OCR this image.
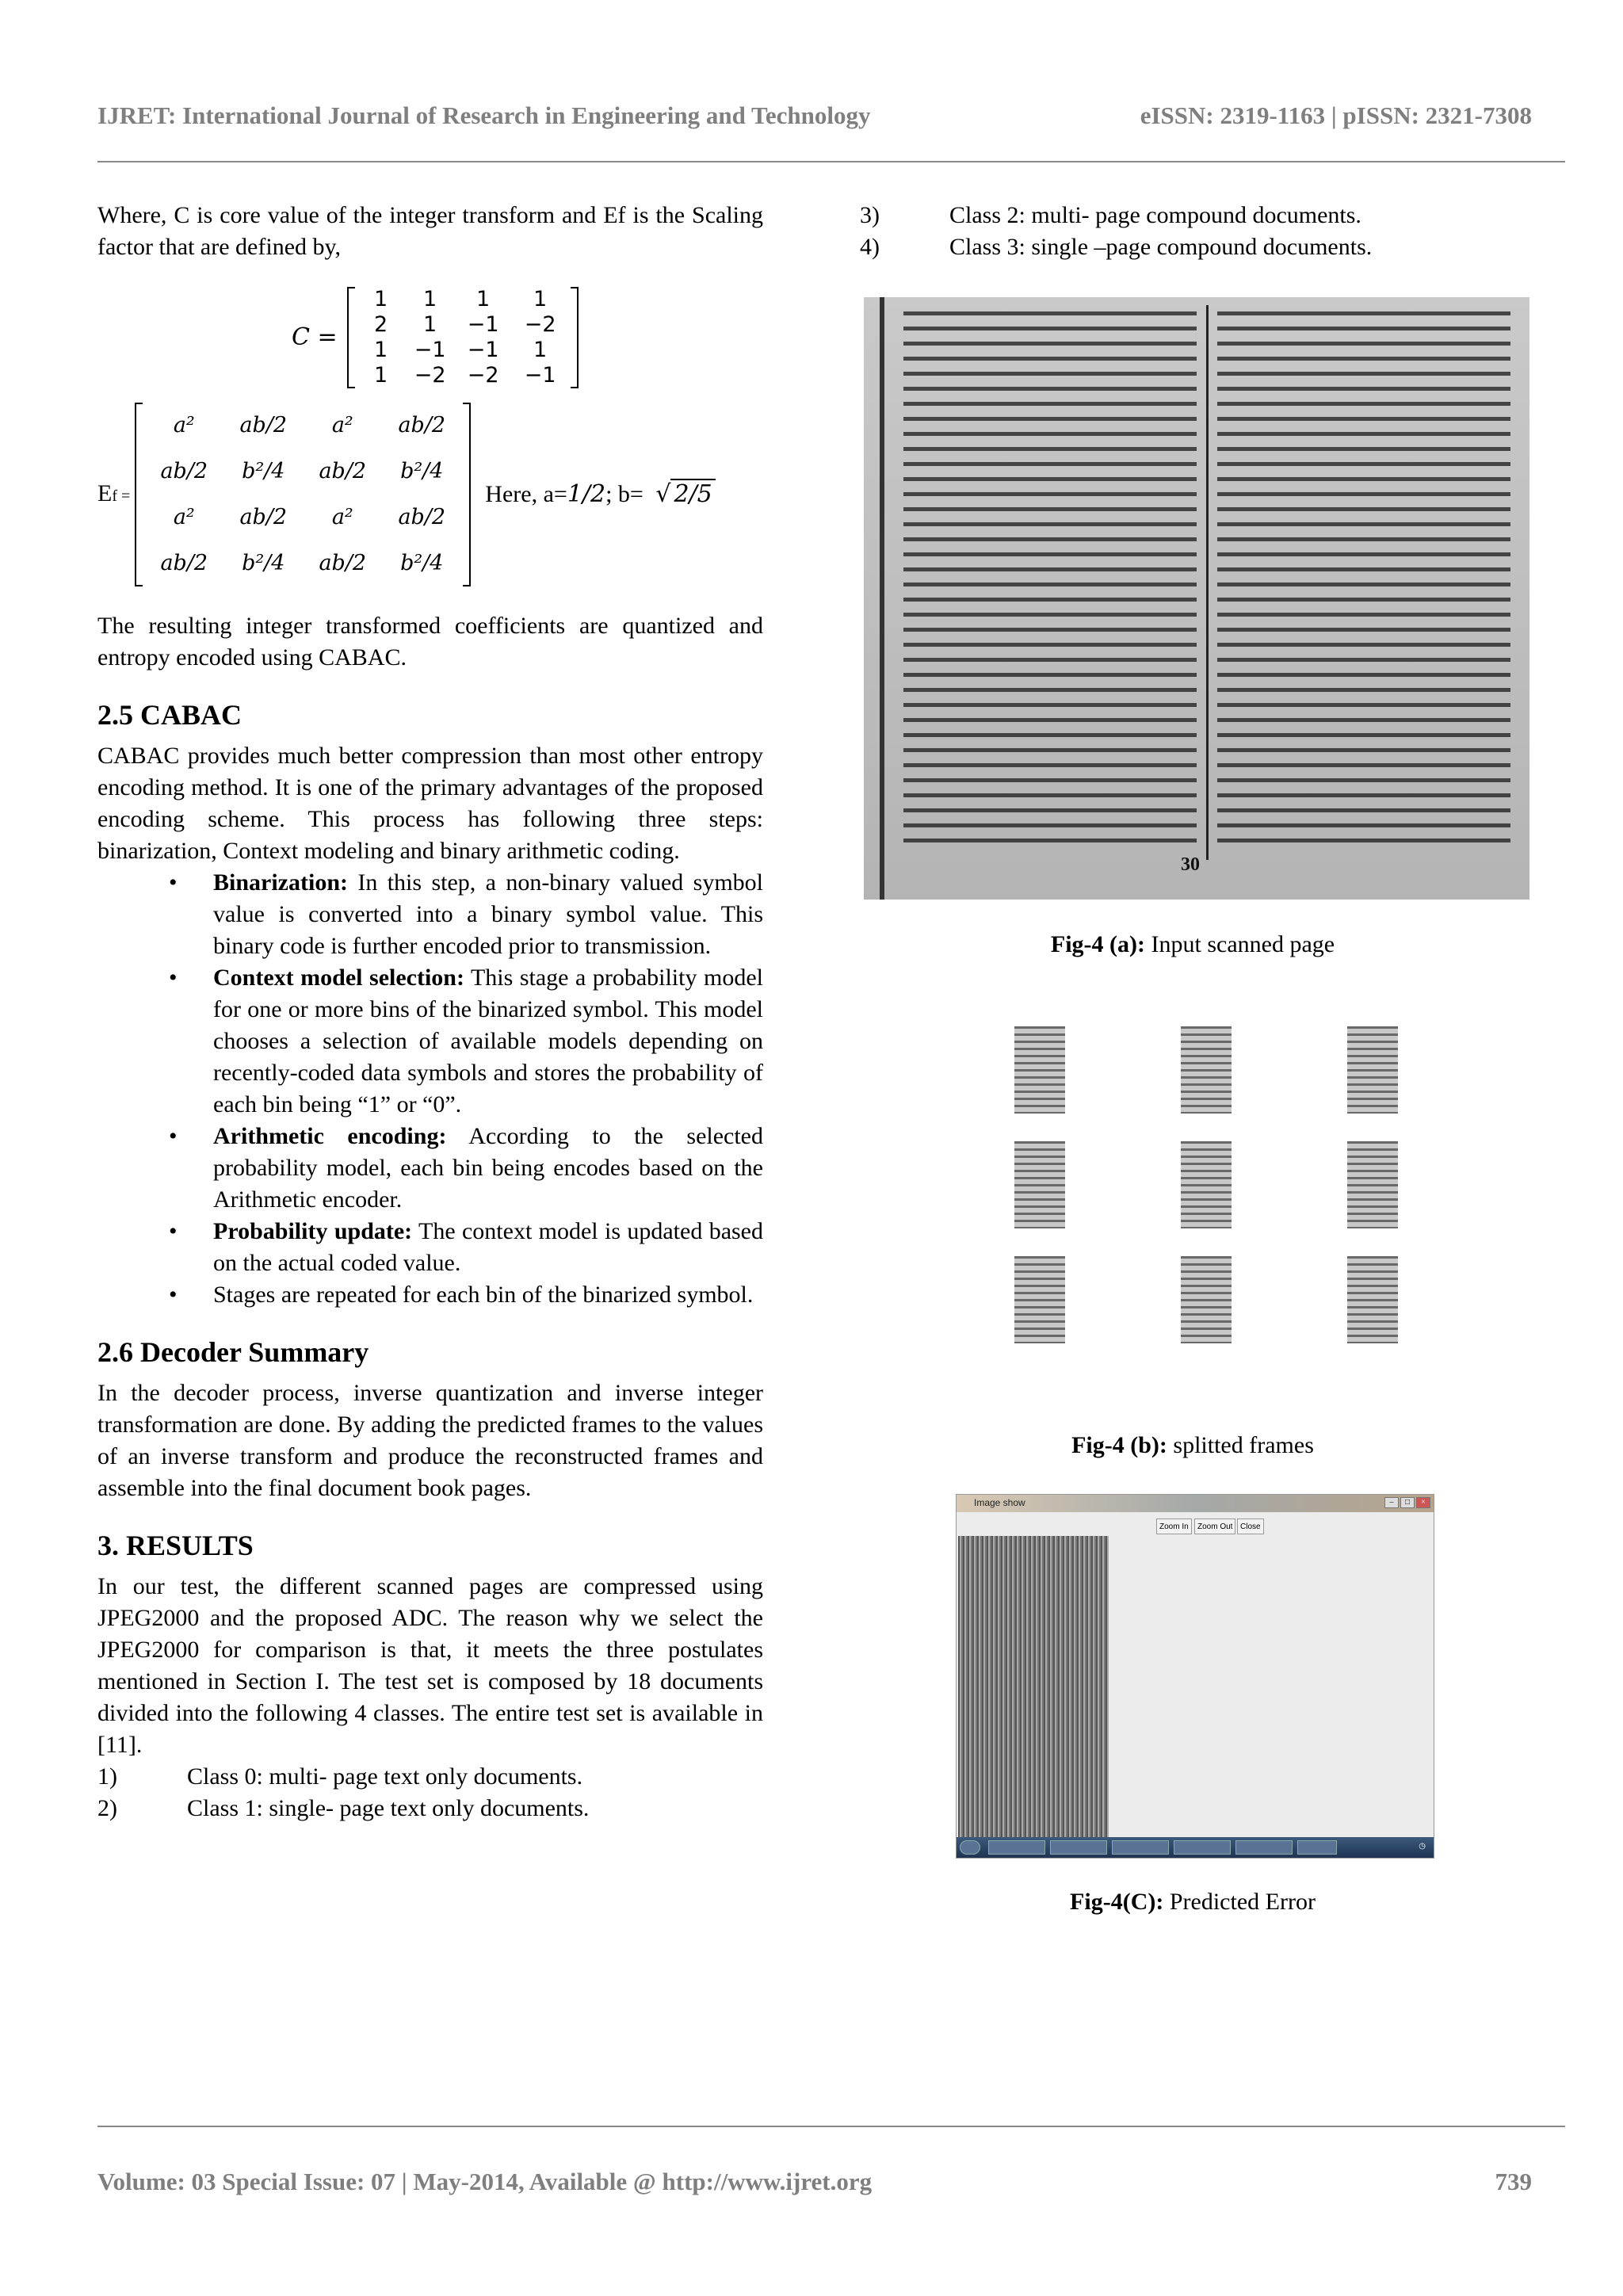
IJRET: International Journal of Research in Engineering and Technology	eISSN: 2319-1163 | pISSN: 2321-7308

Where, C is core value of the integer transform and Ef is the Scaling factor that are defined by,

C =
1	1	1	1
2	1	−1	−2
1	−1	−1	1
1	−2	−2	−1
Ef =
a²	ab/2	a²	ab/2
ab/2	b²/4	ab/2	b²/4
a²	ab/2	a²	ab/2
ab/2	b²/4	ab/2	b²/4
Here, a=1/2; b= √ 2/5

The resulting integer transformed coefficients are quantized and entropy encoded using CABAC.

2.5 CABAC

CABAC provides much better compression than most other entropy encoding method. It is one of the primary advantages of the proposed encoding scheme. This process has following three steps: binarization, Context modeling and binary arithmetic coding.

• Binarization: In this step, a non-binary valued symbol value is converted into a binary symbol value. This binary code is further encoded prior to transmission.
• Context model selection: This stage a probability model for one or more bins of the binarized symbol. This model chooses a selection of available models depending on recently-coded data symbols and stores the probability of each bin being “1” or “0”.
• Arithmetic encoding: According to the selected probability model, each bin being encodes based on the Arithmetic encoder.
• Probability update: The context model is updated based on the actual coded value.
• Stages are repeated for each bin of the binarized symbol.
2.6 Decoder Summary

In the decoder process, inverse quantization and inverse integer transformation are done. By adding the predicted frames to the values of an inverse transform and produce the reconstructed frames and assemble into the final document book pages.

3. RESULTS

In our test, the different scanned pages are compressed using JPEG2000 and the proposed ADC. The reason why we select the JPEG2000 for comparison is that, it meets the three postulates mentioned in Section I. The test set is composed by 18 documents divided into the following 4 classes. The entire test set is available in [11].

1)	Class 0: multi- page text only documents.
2)	Class 1: single- page text only documents.
3)	Class 2: multi- page compound documents.
4)	Class 3: single –page compound documents.
30
Fig-4 (a): Input scanned page
Fig-4 (b): splitted frames
Image show	–	□	×
Zoom In	Zoom Out Close
◷
Fig-4(C): Predicted Error
Volume: 03 Special Issue: 07 | May-2014, Available @ http://www.ijret.org	739
